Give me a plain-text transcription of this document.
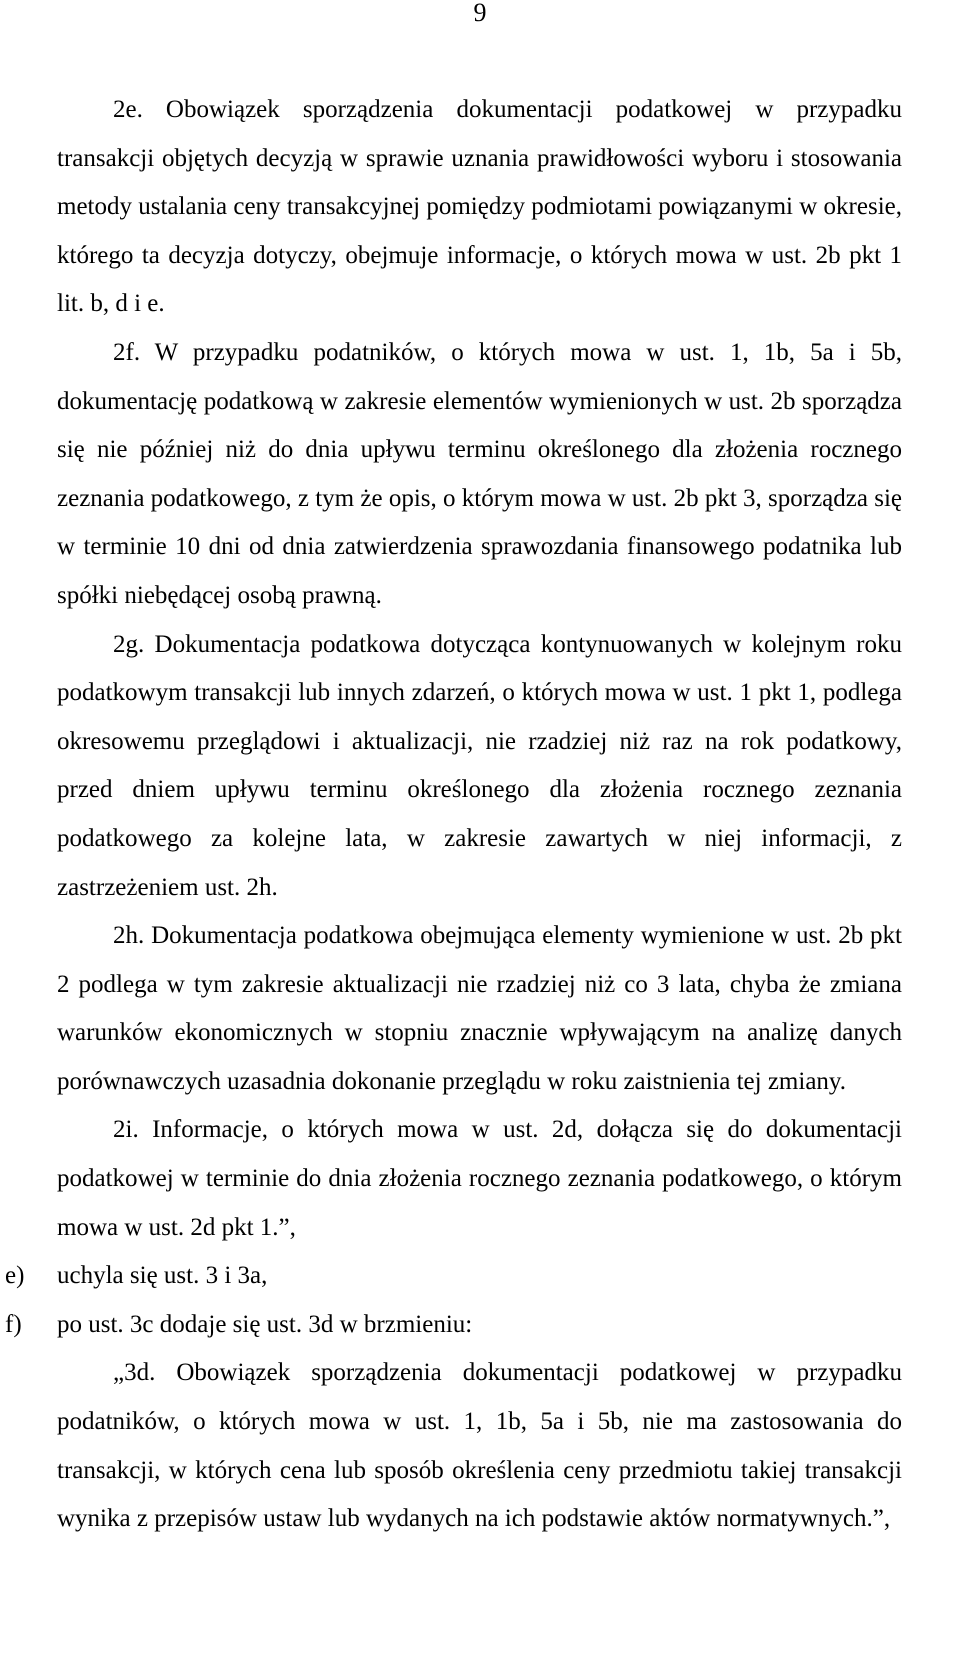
9

2e. Obowiązek sporządzenia dokumentacji podatkowej w przypadku transakcji objętych decyzją w sprawie uznania prawidłowości wyboru i stosowania metody ustalania ceny transakcyjnej pomiędzy podmiotami powiązanymi w okresie, którego ta decyzja dotyczy, obejmuje informacje, o których mowa w ust. 2b pkt 1 lit. b, d i e.

2f. W przypadku podatników, o których mowa w ust. 1, 1b, 5a i 5b, dokumentację podatkową w zakresie elementów wymienionych w ust. 2b sporządza się nie później niż do dnia upływu terminu określonego dla złożenia rocznego zeznania podatkowego, z tym że opis, o którym mowa w ust. 2b pkt 3, sporządza się w terminie 10 dni od dnia zatwierdzenia sprawozdania finansowego podatnika lub spółki niebędącej osobą prawną.

2g. Dokumentacja podatkowa dotycząca kontynuowanych w kolejnym roku podatkowym transakcji lub innych zdarzeń, o których mowa w ust. 1 pkt 1, podlega okresowemu przeglądowi i aktualizacji, nie rzadziej niż raz na rok podatkowy, przed dniem upływu terminu określonego dla złożenia rocznego zeznania podatkowego za kolejne lata, w zakresie zawartych w niej informacji, z zastrzeżeniem ust. 2h.

2h. Dokumentacja podatkowa obejmująca elementy wymienione w ust. 2b pkt 2 podlega w tym zakresie aktualizacji nie rzadziej niż co 3 lata, chyba że zmiana warunków ekonomicznych w stopniu znacznie wpływającym na analizę danych porównawczych uzasadnia dokonanie przeglądu w roku zaistnienia tej zmiany.

2i. Informacje, o których mowa w ust. 2d, dołącza się do dokumentacji podatkowej w terminie do dnia złożenia rocznego zeznania podatkowego, o którym mowa w ust. 2d pkt 1.”,

e) uchyla się ust. 3 i 3a,
f) po ust. 3c dodaje się ust. 3d w brzmieniu:

„3d. Obowiązek sporządzenia dokumentacji podatkowej w przypadku podatników, o których mowa w ust. 1, 1b, 5a i 5b, nie ma zastosowania do transakcji, w których cena lub sposób określenia ceny przedmiotu takiej transakcji wynika z przepisów ustaw lub wydanych na ich podstawie aktów normatywnych.”,
